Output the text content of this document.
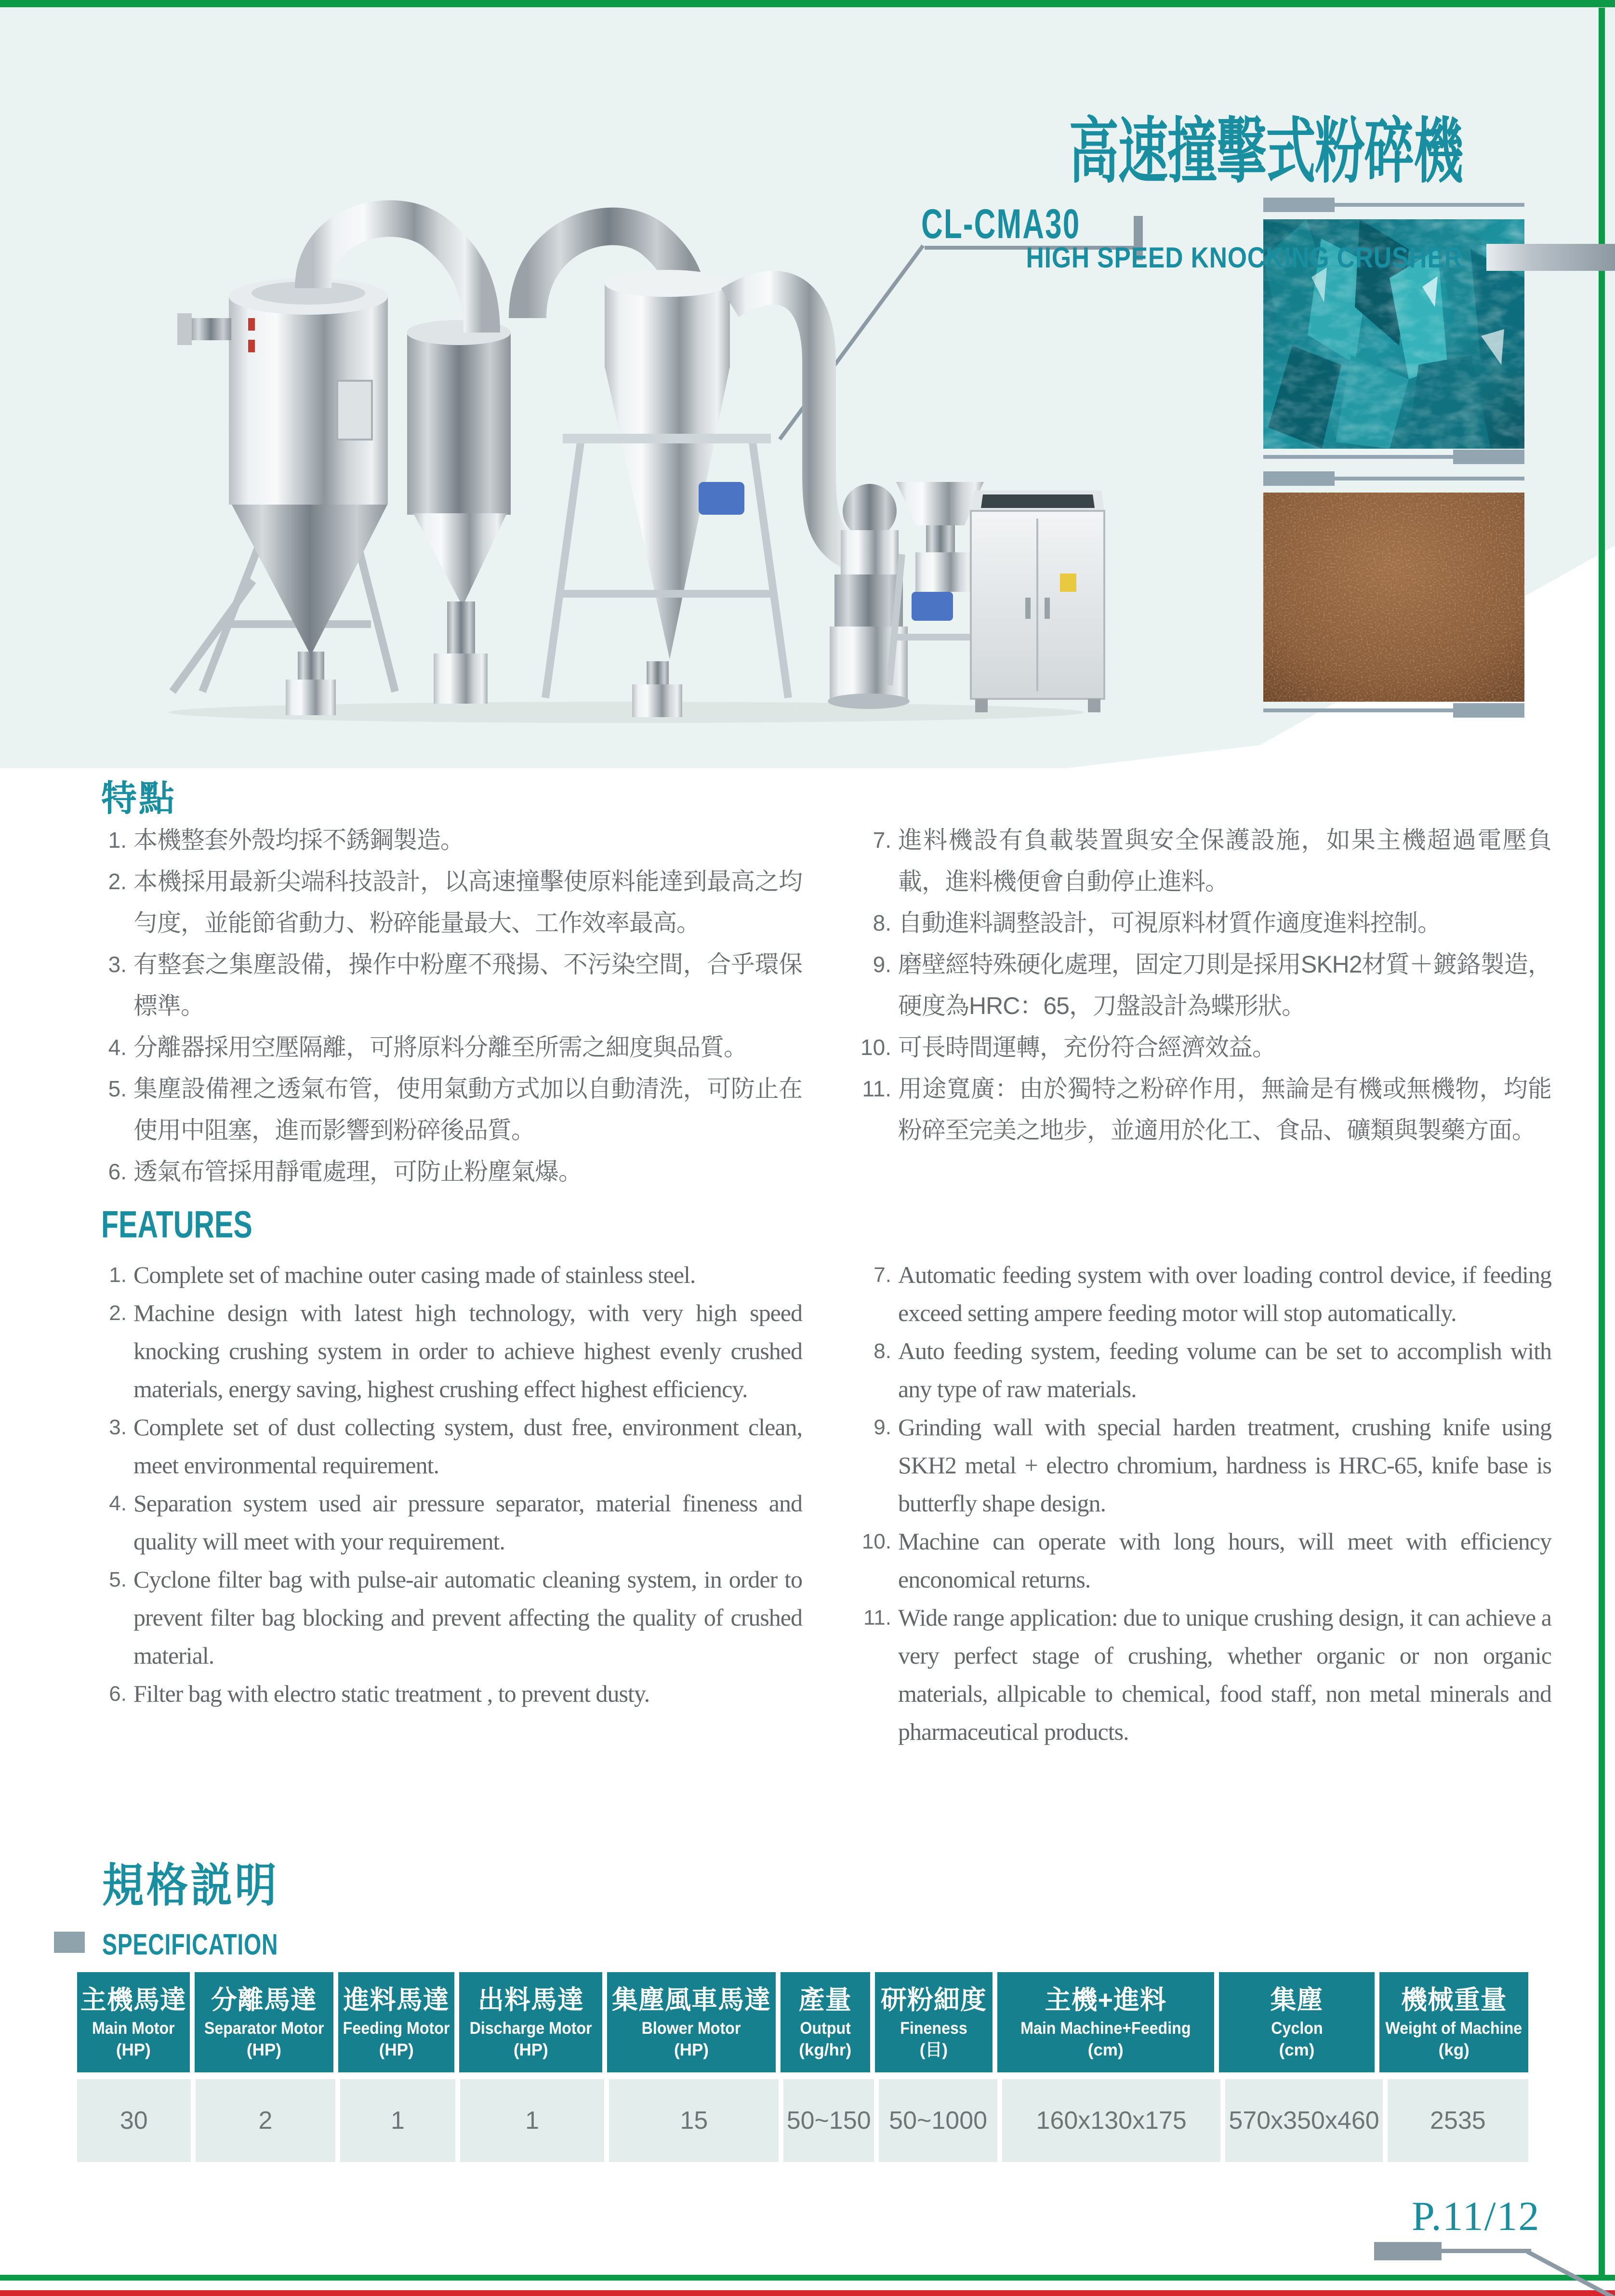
高速撞擊式粉碎機
HIGH SPEED KNOCKING CRUSHER
CL-CMA30
特點
1. 本機整套外殼均採不銹鋼製造。
2. 本機採用最新尖端科技設計，以高速撞擊使原料能達到最高之均勻度，並能節省動力、粉碎能量最大、工作效率最高。
3. 有整套之集塵設備，操作中粉塵不飛揚、不污染空間，合乎環保標準。
4. 分離器採用空壓隔離，可將原料分離至所需之細度與品質。
5. 集塵設備裡之透氣布管，使用氣動方式加以自動清洗，可防止在使用中阻塞，進而影響到粉碎後品質。
6. 透氣布管採用靜電處理，可防止粉塵氣爆。
7. 進料機設有負載裝置與安全保護設施，如果主機超過電壓負載，進料機便會自動停止進料。
8. 自動進料調整設計，可視原料材質作適度進料控制。
9. 磨壁經特殊硬化處理，固定刀則是採用SKH2材質＋鍍鉻製造，硬度為HRC：65，刀盤設計為蝶形狀。
10. 可長時間運轉，充份符合經濟效益。
11. 用途寬廣：由於獨特之粉碎作用，無論是有機或無機物，均能粉碎至完美之地步，並適用於化工、食品、礦類與製藥方面。
FEATURES
1. Complete set of machine outer casing made of stainless steel.
2. Machine design with latest high technology, with very high speed knocking crushing system in order to achieve highest evenly crushed materials, energy saving, highest crushing effect highest efficiency.
3. Complete set of dust collecting system, dust free, environment clean, meet environmental requirement.
4. Separation system used air pressure separator, material fineness and quality will meet with your requirement.
5. Cyclone filter bag with pulse-air automatic cleaning system, in order to prevent filter bag blocking and prevent affecting the quality of crushed material.
6. Filter bag with electro static treatment , to prevent dusty.
7. Automatic feeding system with over loading control device, if feeding exceed setting ampere feeding motor will stop automatically.
8. Auto feeding system, feeding volume can be set to accomplish with any type of raw materials.
9. Grinding wall with special harden treatment, crushing knife using SKH2 metal + electro chromium, hardness is HRC-65, knife base is butterfly shape design.
10. Machine can operate with long hours, will meet with efficiency enconomical returns.
11. Wide range application: due to unique crushing design, it can achieve a very perfect stage of crushing, whether organic or non organic materials, allpicable to chemical, food staff, non metal minerals and pharmaceutical products.
規格説明
SPECIFICATION
主機馬達
Main Motor
(HP)
分離馬達
Separator Motor
(HP)
進料馬達
Feeding Motor
(HP)
出料馬達
Discharge Motor
(HP)
集塵風車馬達
Blower Motor
(HP)
產量
Output
(kg/hr)
研粉細度
Fineness
(目)
主機+進料
Main Machine+Feeding
(cm)
集塵
Cyclon
(cm)
機械重量
Weight of Machine
(kg)
30	2	1	1	15	50~150 50~1000	160x130x175	570x350x460	2535
P.11/12
